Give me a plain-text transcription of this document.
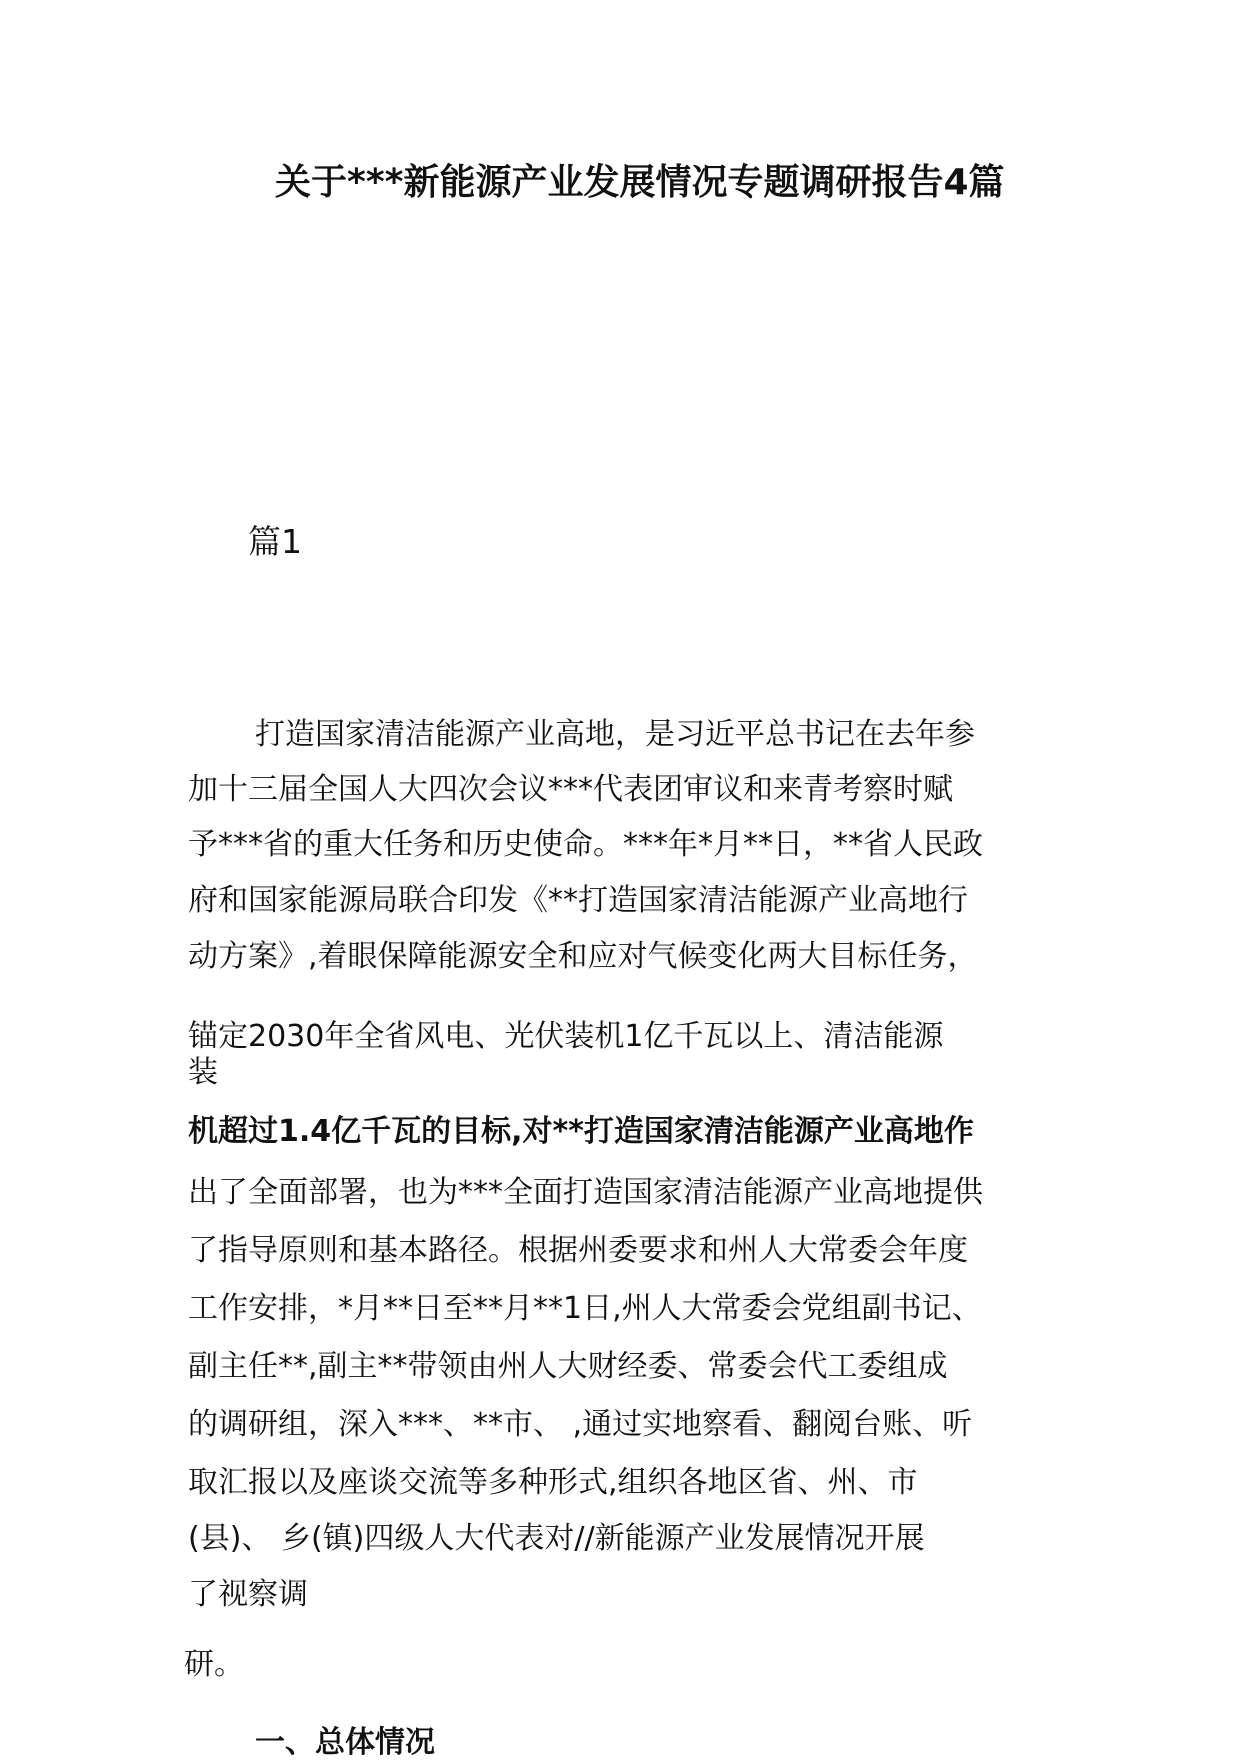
关于***新能源产业发展情况专题调研报告4篇
篇1
打造国家清洁能源产业高地，是习近平总书记在去年参
加十三届全国人大四次会议***代表团审议和来青考察时赋
予***省的重大任务和历史使命。***年*月**日，**省人民政
府和国家能源局联合印发《**打造国家清洁能源产业高地行
动方案》,着眼保障能源安全和应对气候变化两大目标任务，
锚定2030年全省风电、光伏装机1亿千瓦以上、清洁能源
装
机超过1.4亿千瓦的目标,对**打造国家清洁能源产业高地作
出了全面部署，也为***全面打造国家清洁能源产业高地提供
了指导原则和基本路径。根据州委要求和州人大常委会年度
工作安排，*月**日至**月**1日,州人大常委会党组副书记、
副主任**,副主**带领由州人大财经委、常委会代工委组成
的调研组，深入***、**市、 ,通过实地察看、翻阅台账、听
取汇报以及座谈交流等多种形式,组织各地区省、州、市
(县)、 乡(镇)四级人大代表对//新能源产业发展情况开展
了视察调
研。
一、总体情况
